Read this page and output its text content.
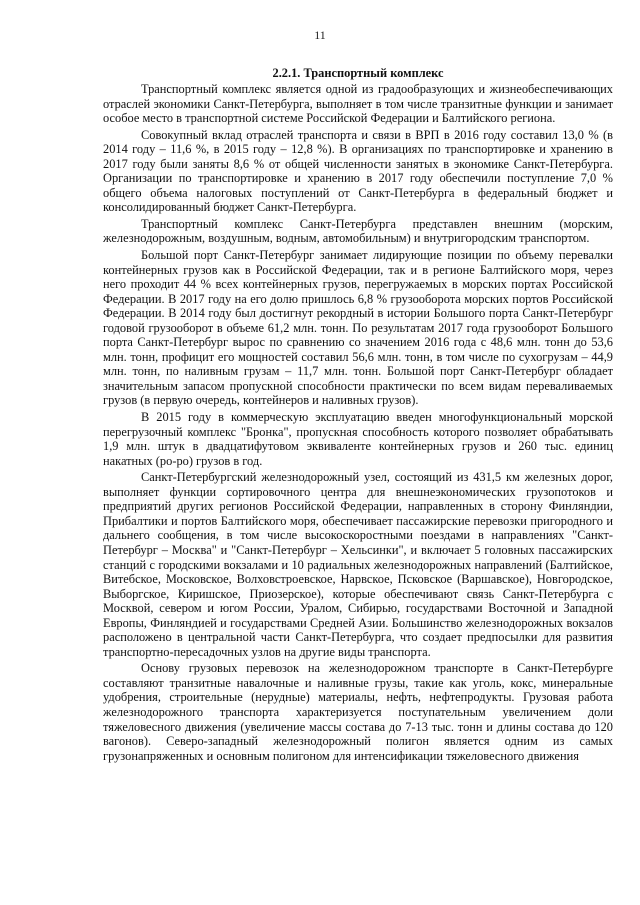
11
2.2.1. Транспортный комплекс

Транспортный комплекс является одной из градообразующих и жизнеобеспечивающих отраслей экономики Санкт-Петербурга, выполняет в том числе транзитные функции и занимает особое место в транспортной системе Российской Федерации и Балтийского региона.

Совокупный вклад отраслей транспорта и связи в ВРП в 2016 году составил 13,0 % (в 2014 году – 11,6 %, в 2015 году – 12,8 %). В организациях по транспортировке и хранению в 2017 году были заняты 8,6 % от общей численности занятых в экономике Санкт-Петербурга. Организации по транспортировке и хранению в 2017 году обеспечили поступление 7,0 % общего объема налоговых поступлений от Санкт-Петербурга в федеральный бюджет и консолидированный бюджет Санкт-Петербурга.

Транспортный комплекс Санкт-Петербурга представлен внешним (морским, железнодорожным, воздушным, водным, автомобильным) и внутригородским транспортом.

Большой порт Санкт-Петербург занимает лидирующие позиции по объему перевалки контейнерных грузов как в Российской Федерации, так и в регионе Балтийского моря, через него проходит 44 % всех контейнерных грузов, перегружаемых в морских портах Российской Федерации. В 2017 году на его долю пришлось 6,8 % грузооборота морских портов Российской Федерации. В 2014 году был достигнут рекордный в истории Большого порта Санкт-Петербург годовой грузооборот в объеме 61,2 млн. тонн. По результатам 2017 года грузооборот Большого порта Санкт-Петербург вырос по сравнению со значением 2016 года с 48,6 млн. тонн до 53,6 млн. тонн, профицит его мощностей составил 56,6 млн. тонн, в том числе по сухогрузам – 44,9 млн. тонн, по наливным грузам – 11,7 млн. тонн. Большой порт Санкт-Петербург обладает значительным запасом пропускной способности практически по всем видам переваливаемых грузов (в первую очередь, контейнеров и наливных грузов).

В 2015 году в коммерческую эксплуатацию введен многофункциональный морской перегрузочный комплекс "Бронка", пропускная способность которого позволяет обрабатывать 1,9 млн. штук в двадцатифутовом эквиваленте контейнерных грузов и 260 тыс. единиц накатных (ро-ро) грузов в год.

Санкт-Петербургский железнодорожный узел, состоящий из 431,5 км железных дорог, выполняет функции сортировочного центра для внешнеэкономических грузопотоков и предприятий других регионов Российской Федерации, направленных в сторону Финляндии, Прибалтики и портов Балтийского моря, обеспечивает пассажирские перевозки пригородного и дальнего сообщения, в том числе высокоскоростными поездами в направлениях "Санкт-Петербург – Москва" и "Санкт-Петербург – Хельсинки", и включает 5 головных пассажирских станций с городскими вокзалами и 10 радиальных железнодорожных направлений (Балтийское, Витебское, Московское, Волховстроевское, Нарвское, Псковское (Варшавское), Новгородское, Выборгское, Киришское, Приозерское), которые обеспечивают связь Санкт-Петербурга с Москвой, севером и югом России, Уралом, Сибирью, государствами Восточной и Западной Европы, Финляндией и государствами Средней Азии. Большинство железнодорожных вокзалов расположено в центральной части Санкт-Петербурга, что создает предпосылки для развития транспортно-пересадочных узлов на другие виды транспорта.

Основу грузовых перевозок на железнодорожном транспорте в Санкт-Петербурге составляют транзитные навалочные и наливные грузы, такие как уголь, кокс, минеральные удобрения, строительные (нерудные) материалы, нефть, нефтепродукты. Грузовая работа железнодорожного транспорта характеризуется поступательным увеличением доли тяжеловесного движения (увеличение массы состава до 7-13 тыс. тонн и длины состава до 120 вагонов). Северо-западный железнодорожный полигон является одним из самых грузонапряженных и основным полигоном для интенсификации тяжеловесного движения
